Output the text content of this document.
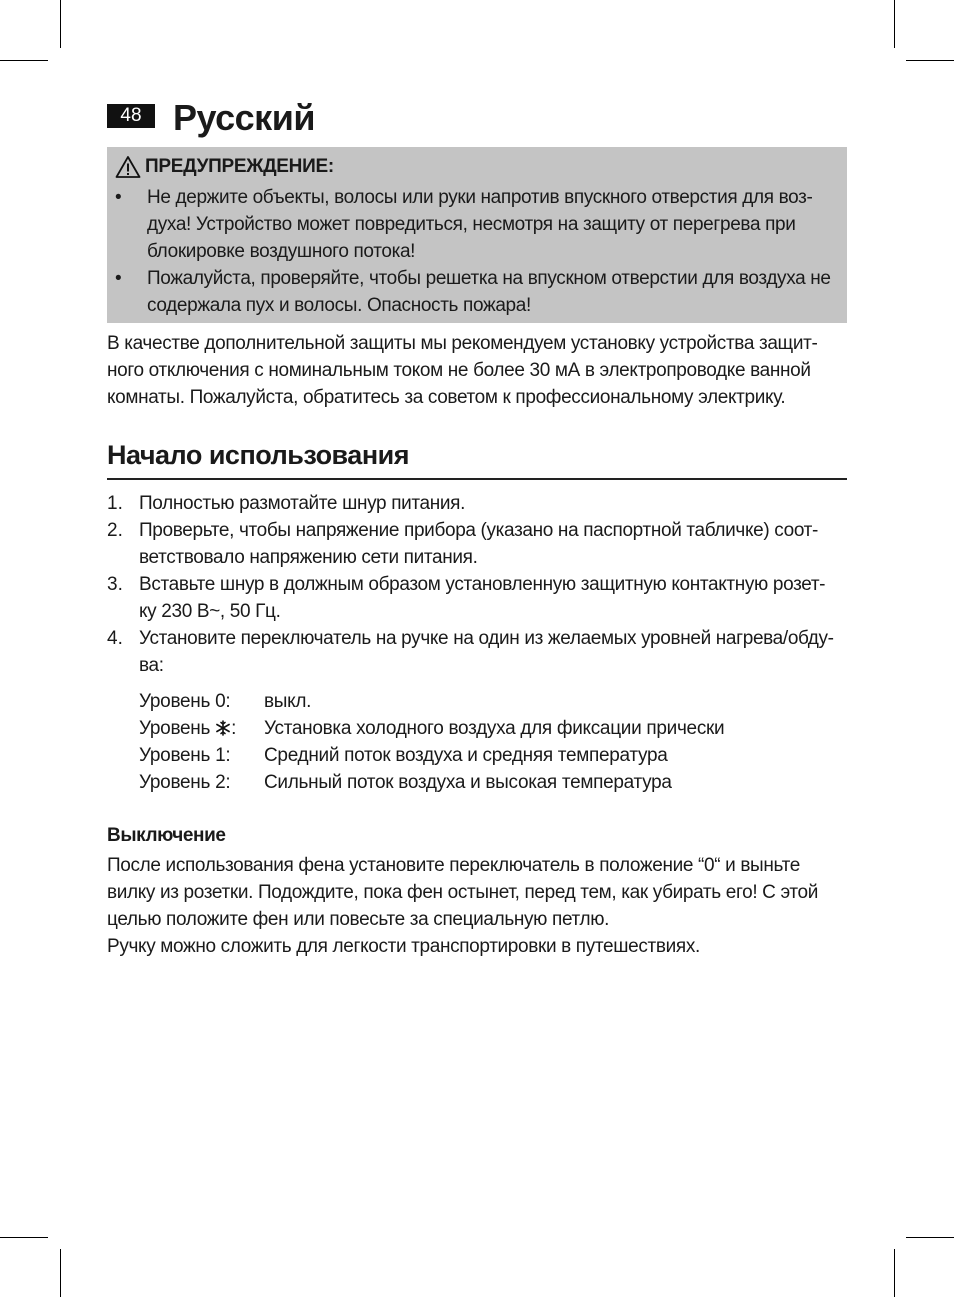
48 Русский
ПРЕДУПРЕЖДЕНИЕ:
• Не держите объекты, волосы или руки напротив впускного отверстия для воз-
духа! Устройство может повредиться, несмотря на защиту от перегрева при
блокировке воздушного потока!
• Пожалуйста, проверяйте, чтобы решетка на впускном отверстии для воздуха не
содержала пух и волосы. Опасность пожара!
В качестве дополнительной защиты мы рекомендуем установку устройства защит-
ного отключения с номинальным током не более 30 мА в электропроводке ванной
комнаты. Пожалуйста, обратитесь за советом к профессиональному электрику.
Начало использования
1. Полностью размотайте шнур питания.
2. Проверьте, чтобы напряжение прибора (указано на паспортной табличке) соот-
ветствовало напряжению сети питания.
3. Вставьте шнур в должным образом установленную защитную контактную розет-
ку 230 В~, 50 Гц.
4. Установите переключатель на ручке на один из желаемых уровней нагрева/обду-
ва:
Уровень 0: выкл.
Уровень : Установка холодного воздуха для фиксации прически
Уровень 1: Средний поток воздуха и средняя температура
Уровень 2: Сильный поток воздуха и высокая температура
Выключение
После использования фена установите переключатель в положение “0“ и выньте
вилку из розетки. Подождите, пока фен остынет, перед тем, как убирать его! С этой
целью положите фен или повесьте за специальную петлю.
Ручку можно сложить для легкости транспортировки в путешествиях.
